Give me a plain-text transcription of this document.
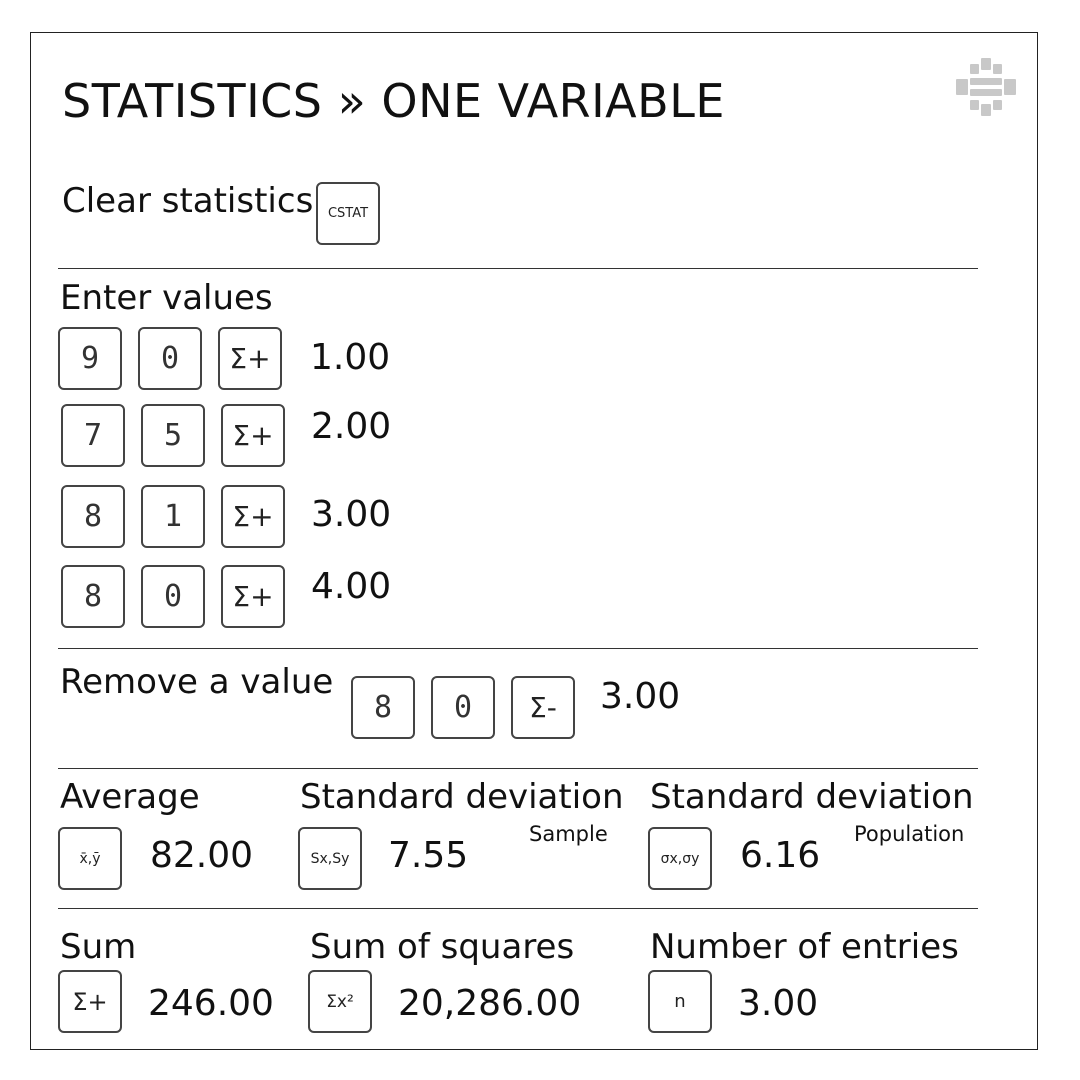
STATISTICS » ONE VARIABLE
Clear statistics CSTAT
Enter values
9 0 Σ+ 1.00
7 5 Σ+ 2.00
8 1 Σ+ 3.00
8 0 Σ+ 4.00
Remove a value
8 0 Σ- 3.00
Average
x̄,ȳ 82.00
Standard deviation
Sample
Sx,Sy 7.55
Standard deviation
Population
σx,σy 6.16
Sum
Σ+ 246.00
Sum of squares
Σx² 20,286.00
Number of entries
n 3.00
